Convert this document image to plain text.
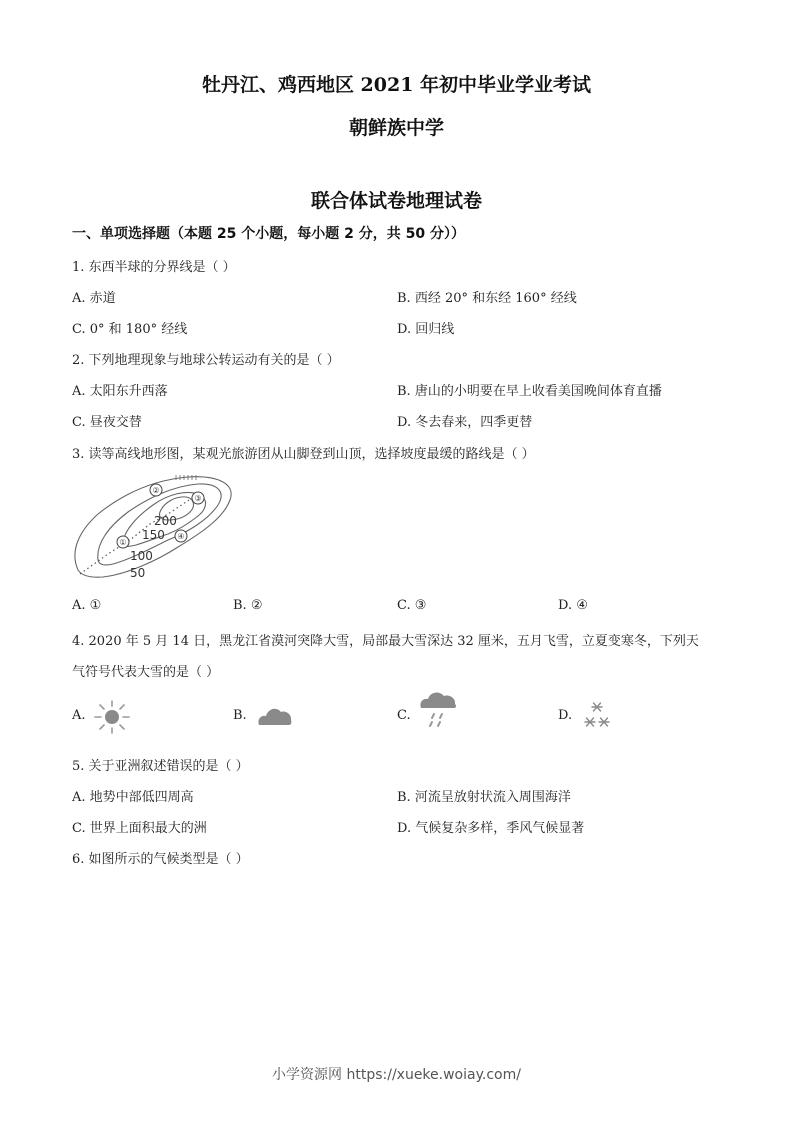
牡丹江、鸡西地区 2021 年初中毕业学业考试
朝鲜族中学
联合体试卷地理试卷
一、单项选择题（本题 25 个小题，每小题 2 分，共 50 分））
1. 东西半球的分界线是（ ）
A. 赤道	B. 西经 20° 和东经 160° 经线
C. 0° 和 180° 经线	D. 回归线
2. 下列地理现象与地球公转运动有关的是（ ）
A. 太阳东升西落	B. 唐山的小明要在早上收看美国晚间体育直播
C. 昼夜交替	D. 冬去春来，四季更替
3. 读等高线地形图，某观光旅游团从山脚登到山顶，选择坡度最缓的路线是（ ）
①
②
③
④
200
150
100
50
A. ①	B. ②	C. ③	D. ④
4. 2020 年 5 月 14 日，黑龙江省漠河突降大雪，局部最大雪深达 32 厘米，五月飞雪，立夏变寒冬，下列天
气符号代表大雪的是（ ）
A.	B.	C.	D.
5. 关于亚洲叙述错误的是（ ）
A. 地势中部低四周高	B. 河流呈放射状流入周围海洋
C. 世界上面积最大的洲	D. 气候复杂多样，季风气候显著
6. 如图所示的气候类型是（ ）
小学资源网 https://xueke.woiay.com/
